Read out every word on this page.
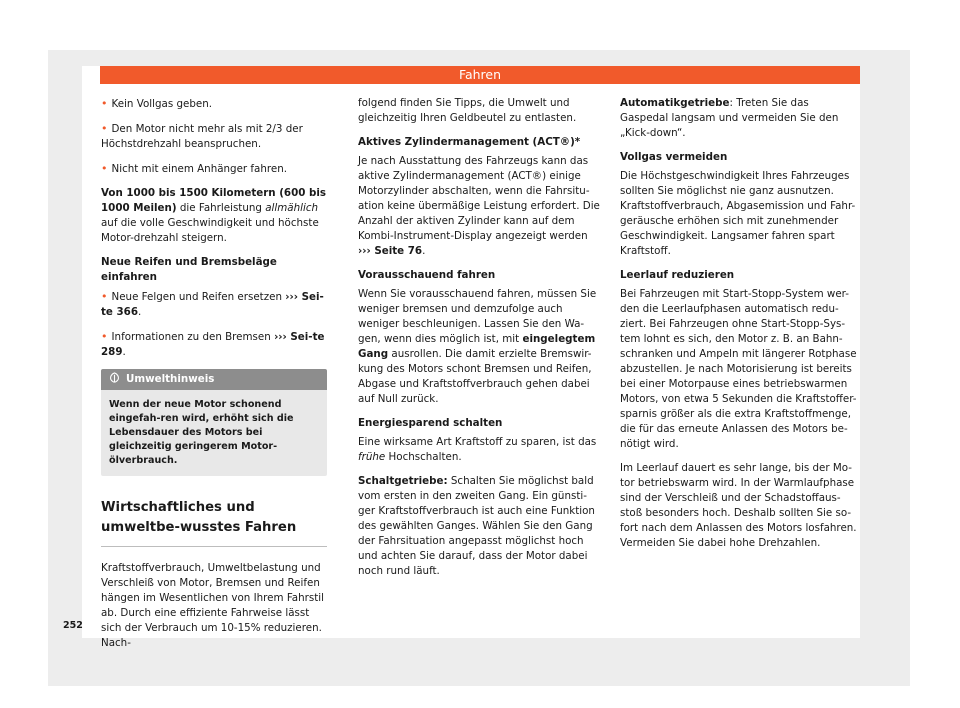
Fahren

• Kein Vollgas geben.

• Den Motor nicht mehr als mit 2/3 der Höchstdrehzahl beanspruchen.

• Nicht mit einem Anhänger fahren.

Von 1000 bis 1500 Kilometern (600 bis 1000 Meilen) die Fahrleistung allmählich auf die volle Geschwindigkeit und höchste Motor-drehzahl steigern.

Neue Reifen und Bremsbeläge einfahren

• Neue Felgen und Reifen ersetzen ››› Sei-te 366.

• Informationen zu den Bremsen ››› Sei-te 289.

Umwelthinweis
Wenn der neue Motor schonend eingefah-ren wird, erhöht sich die Lebensdauer des Motors bei gleichzeitig geringerem Motor-ölverbrauch.
Wirtschaftliches und umweltbe-wusstes Fahren

Kraftstoffverbrauch, Umweltbelastung und Verschleiß von Motor, Bremsen und Reifen hängen im Wesentlichen von Ihrem Fahrstil ab. Durch eine effiziente Fahrweise lässt sich der Verbrauch um 10-15% reduzieren. Nach-

folgend finden Sie Tipps, die Umwelt und gleichzeitig Ihren Geldbeutel zu entlasten.

Aktives Zylindermanagement (ACT®)*

Je nach Ausstattung des Fahrzeugs kann das aktive Zylindermanagement (ACT®) einige Motorzylinder abschalten, wenn die Fahrsitu-ation keine übermäßige Leistung erfordert. Die Anzahl der aktiven Zylinder kann auf dem Kombi-Instrument-Display angezeigt werden ››› Seite 76.

Vorausschauend fahren

Wenn Sie vorausschauend fahren, müssen Sie weniger bremsen und demzufolge auch weniger beschleunigen. Lassen Sie den Wa-gen, wenn dies möglich ist, mit eingelegtem Gang ausrollen. Die damit erzielte Bremswir-kung des Motors schont Bremsen und Reifen, Abgase und Kraftstoffverbrauch gehen dabei auf Null zurück.

Energiesparend schalten

Eine wirksame Art Kraftstoff zu sparen, ist das frühe Hochschalten.

Schaltgetriebe: Schalten Sie möglichst bald vom ersten in den zweiten Gang. Ein günsti-ger Kraftstoffverbrauch ist auch eine Funktion des gewählten Ganges. Wählen Sie den Gang der Fahrsituation angepasst möglichst hoch und achten Sie darauf, dass der Motor dabei noch rund läuft.

Automatikgetriebe: Treten Sie das Gaspedal langsam und vermeiden Sie den „Kick-down“.

Vollgas vermeiden

Die Höchstgeschwindigkeit Ihres Fahrzeuges sollten Sie möglichst nie ganz ausnutzen. Kraftstoffverbrauch, Abgasemission und Fahr-geräusche erhöhen sich mit zunehmender Geschwindigkeit. Langsamer fahren spart Kraftstoff.

Leerlauf reduzieren

Bei Fahrzeugen mit Start-Stopp-System wer-den die Leerlaufphasen automatisch redu-ziert. Bei Fahrzeugen ohne Start-Stopp-Sys-tem lohnt es sich, den Motor z. B. an Bahn-schranken und Ampeln mit längerer Rotphase abzustellen. Je nach Motorisierung ist bereits bei einer Motorpause eines betriebswarmen Motors, von etwa 5 Sekunden die Kraftstoffer-sparnis größer als die extra Kraftstoffmenge, die für das erneute Anlassen des Motors be-nötigt wird.

Im Leerlauf dauert es sehr lange, bis der Mo-tor betriebswarm wird. In der Warmlaufphase sind der Verschleiß und der Schadstoffaus-stoß besonders hoch. Deshalb sollten Sie so-fort nach dem Anlassen des Motors losfahren. Vermeiden Sie dabei hohe Drehzahlen.

252
